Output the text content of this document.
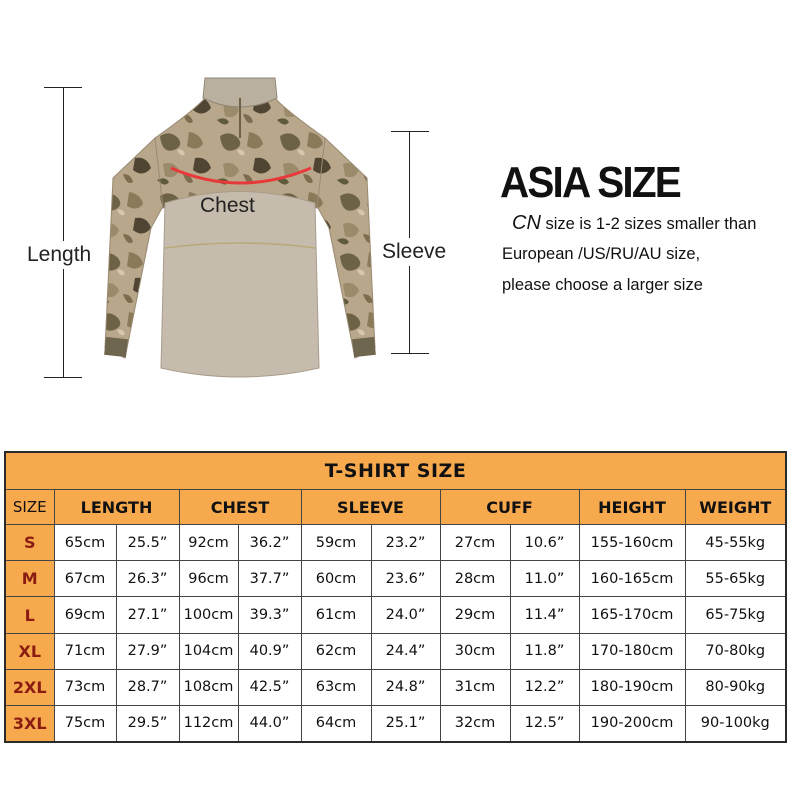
Length	Sleeve
Chest	ASIA SIZE
CN size is 1-2 sizes smaller than
European /US/RU/AU size,
please choose a larger size
T-SHIRT SIZE										
SIZE	LENGTH		CHEST		SLEEVE		CUFF		HEIGHT	WEIGHT
S	65cm	25.5”	92cm	36.2”	59cm	23.2”	27cm	10.6”	155-160cm	45-55kg
M	67cm	26.3”	96cm	37.7”	60cm	23.6”	28cm	11.0”	160-165cm	55-65kg
L	69cm	27.1”	100cm	39.3”	61cm	24.0”	29cm	11.4”	165-170cm	65-75kg
XL	71cm	27.9”	104cm	40.9”	62cm	24.4”	30cm	11.8”	170-180cm	70-80kg
2XL	73cm	28.7”	108cm	42.5”	63cm	24.8”	31cm	12.2”	180-190cm	80-90kg
3XL	75cm	29.5”	112cm	44.0”	64cm	25.1”	32cm	12.5”	190-200cm	90-100kg
